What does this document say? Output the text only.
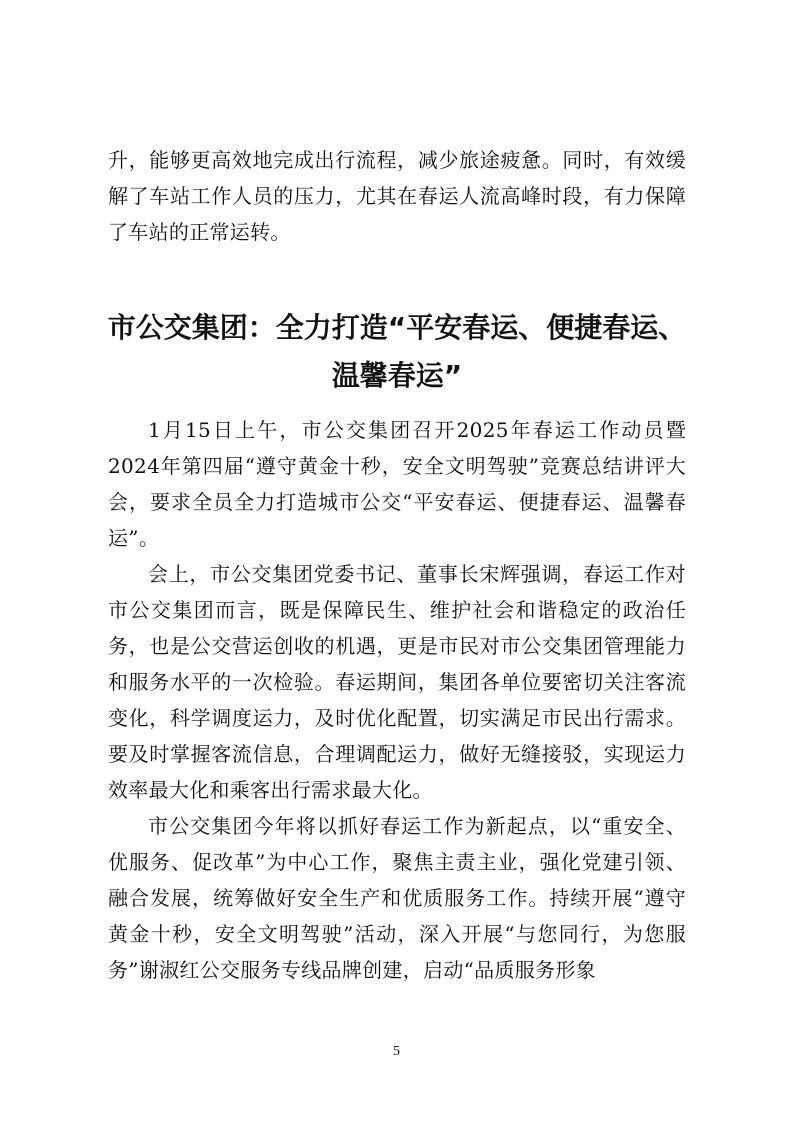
升，能够更高效地完成出行流程，减少旅途疲惫。同时，有效缓解了车站工作人员的压力，尤其在春运人流高峰时段，有力保障了车站的正常运转。

市公交集团：全力打造“平安春运、便捷春运、温馨春运”

1月15日上午，市公交集团召开2025年春运工作动员暨2024年第四届“遵守黄金十秒，安全文明驾驶”竞赛总结讲评大会，要求全员全力打造城市公交“平安春运、便捷春运、温馨春运”。

会上，市公交集团党委书记、董事长宋辉强调，春运工作对市公交集团而言，既是保障民生、维护社会和谐稳定的政治任务，也是公交营运创收的机遇，更是市民对市公交集团管理能力和服务水平的一次检验。春运期间，集团各单位要密切关注客流变化，科学调度运力，及时优化配置，切实满足市民出行需求。要及时掌握客流信息，合理调配运力，做好无缝接驳，实现运力效率最大化和乘客出行需求最大化。

市公交集团今年将以抓好春运工作为新起点，以“重安全、优服务、促改革”为中心工作，聚焦主责主业，强化党建引领、融合发展，统筹做好安全生产和优质服务工作。持续开展“遵守黄金十秒，安全文明驾驶”活动，深入开展“与您同行，为您服务”谢淑红公交服务专线品牌创建，启动“品质服务形象

5
